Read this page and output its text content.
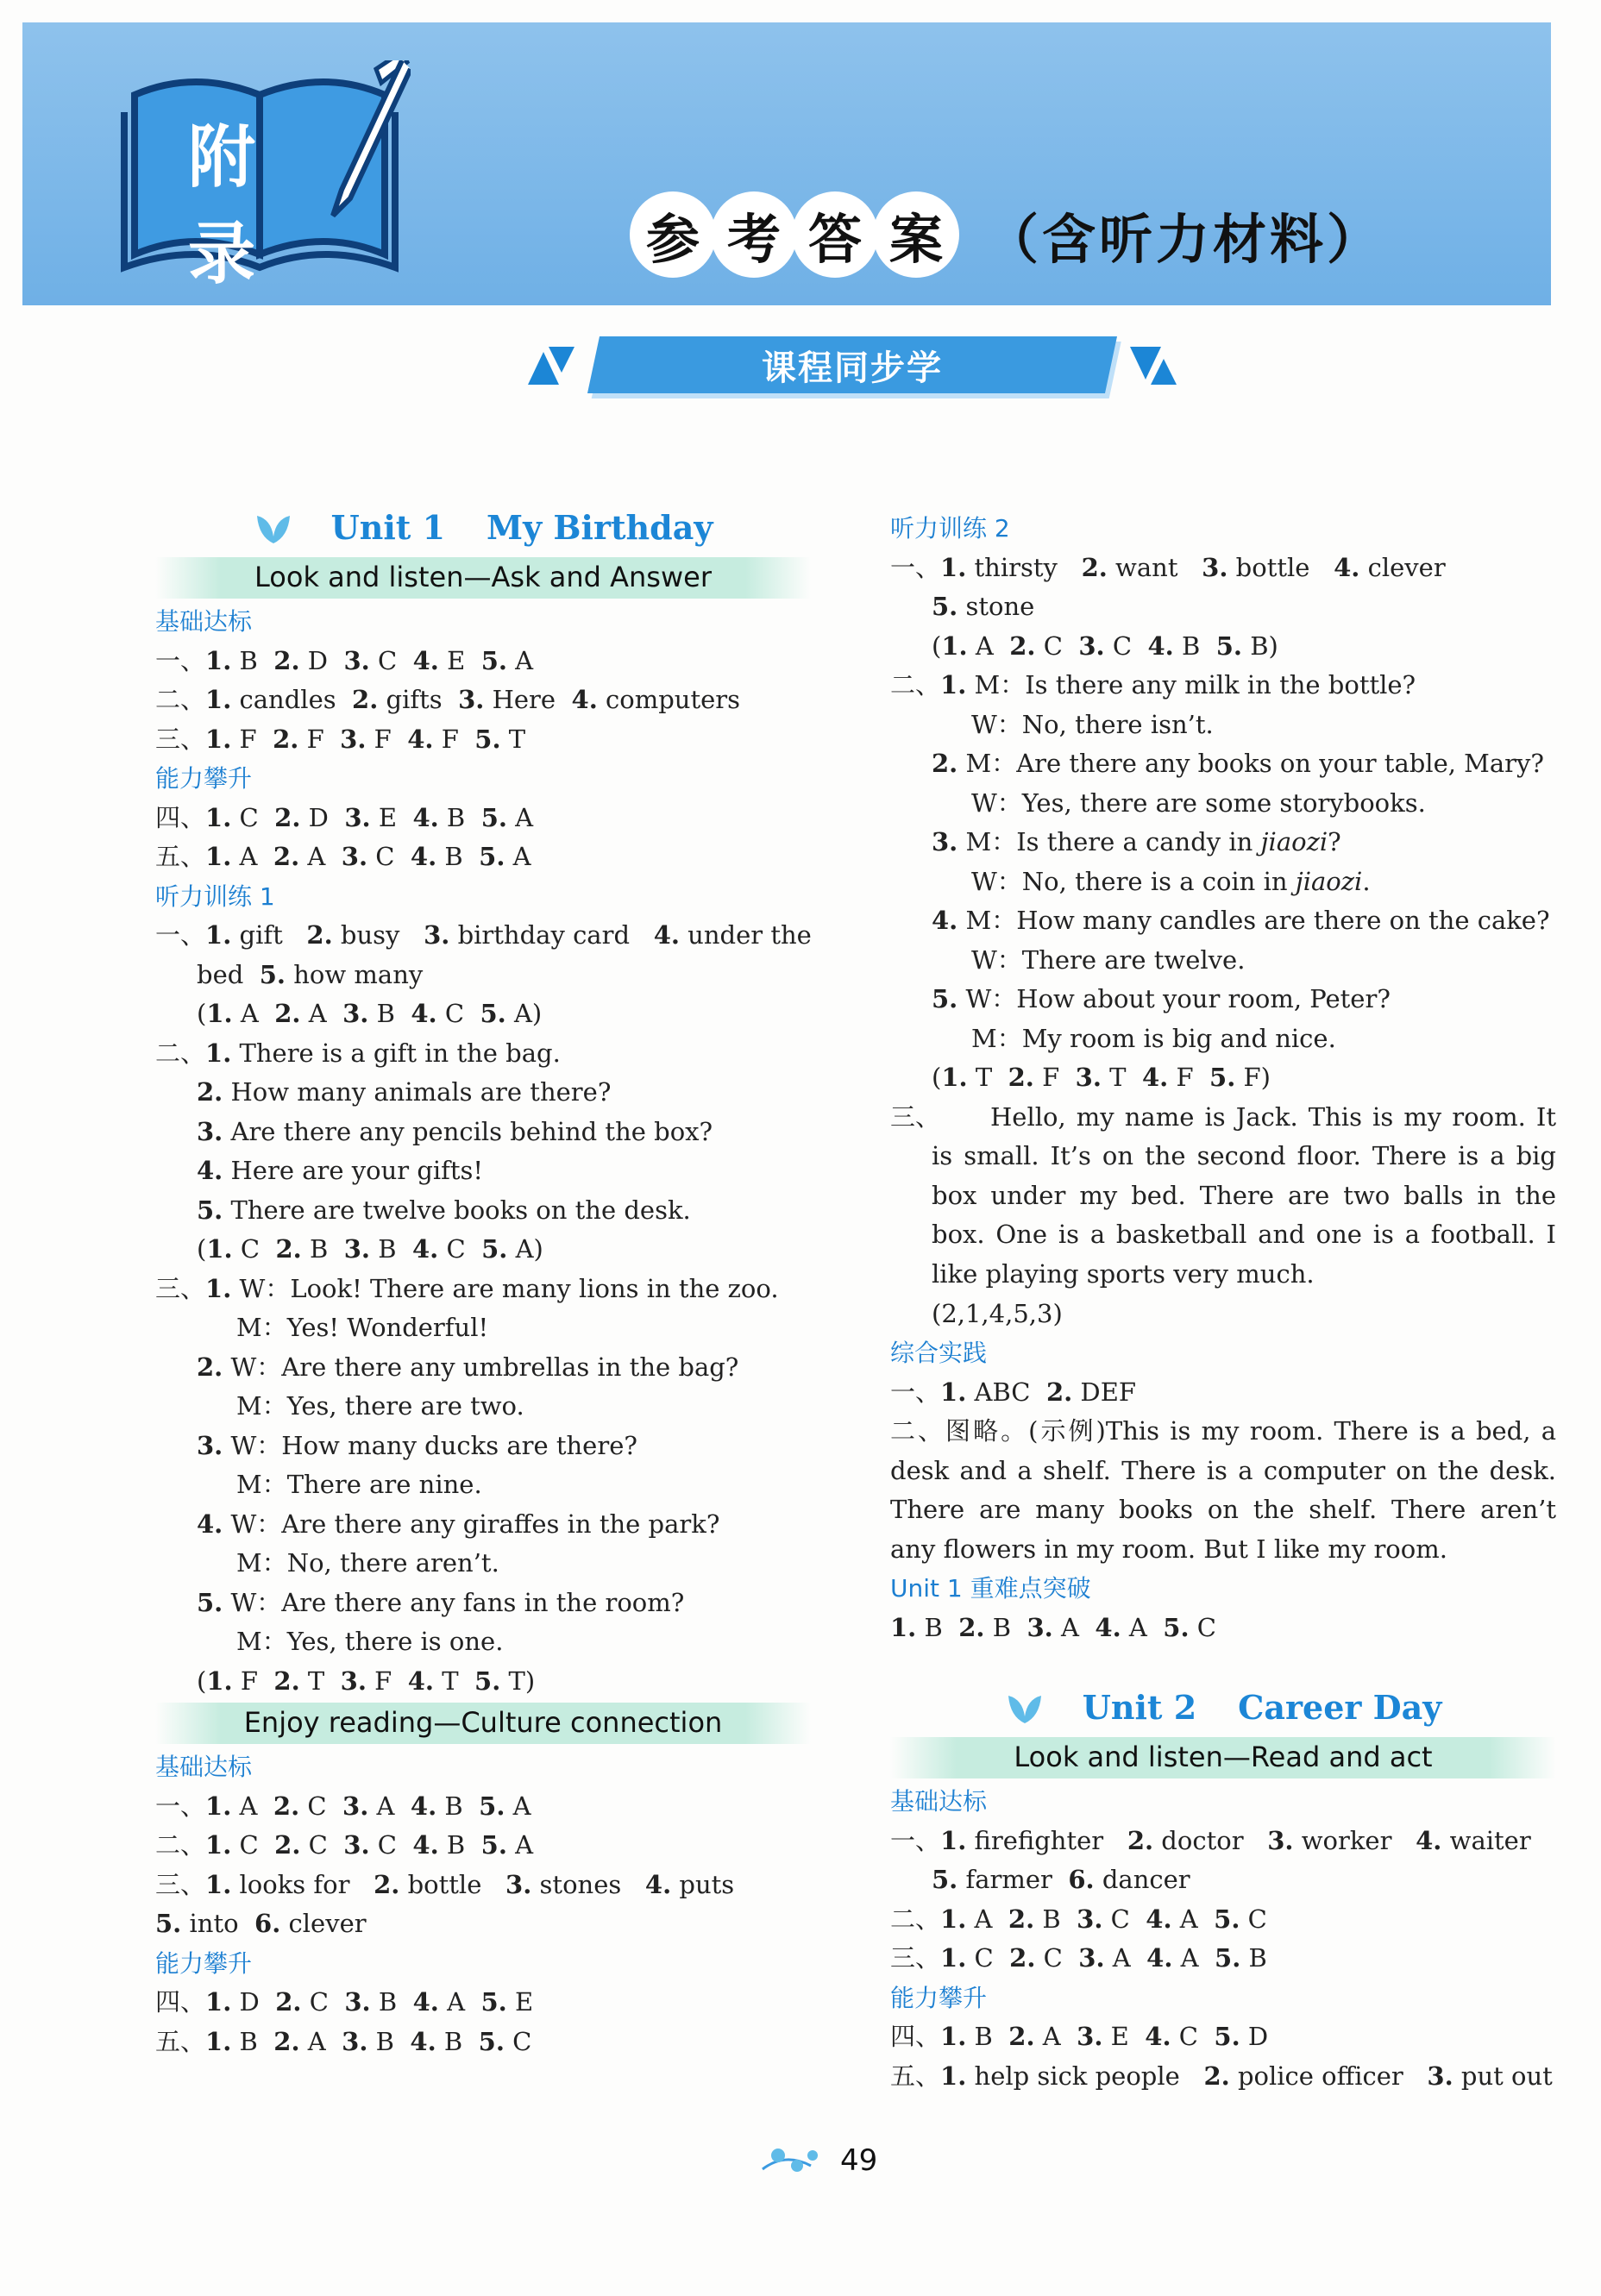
附 录	参 考 答 案 （含听力材料）
课程同步学
Unit 1 My Birthday
Look and listen—Ask and Answer
基础达标
一、1. B  2. D  3. C  4. E  5. A
二、1. candles  2. gifts  3. Here  4. computers
三、1. F  2. F  3. F  4. F  5. T
能力攀升
四、1. C  2. D  3. E  4. B  5. A
五、1. A  2. A  3. C  4. B  5. A
听力训练 1
一、1. gift   2. busy   3. birthday card   4. under the
bed  5. how many
(1. A  2. A  3. B  4. C  5. A)
二、1. There is a gift in the bag.
2. How many animals are there?
3. Are there any pencils behind the box?
4. Here are your gifts!
5. There are twelve books on the desk.
(1. C  2. B  3. B  4. C  5. A)
三、1. W：Look! There are many lions in the zoo.
M：Yes! Wonderful!
2. W：Are there any umbrellas in the bag?
M：Yes, there are two.
3. W：How many ducks are there?
M：There are nine.
4. W：Are there any giraffes in the park?
M：No, there aren’t.
5. W：Are there any fans in the room?
M：Yes, there is one.
(1. F  2. T  3. F  4. T  5. T)
Enjoy reading—Culture connection
基础达标
一、1. A  2. C  3. A  4. B  5. A
二、1. C  2. C  3. C  4. B  5. A
三、1. looks for   2. bottle   3. stones   4. puts
5. into  6. clever
能力攀升
四、1. D  2. C  3. B  4. A  5. E
五、1. B  2. A  3. B  4. B  5. C
听力训练 2
一、1. thirsty   2. want   3. bottle   4. clever
5. stone
(1. A  2. C  3. C  4. B  5. B)
二、1. M：Is there any milk in the bottle?
W：No, there isn’t.
2. M：Are there any books on your table, Mary?
W：Yes, there are some storybooks.
3. M：Is there a candy in jiaozi?
W：No, there is a coin in jiaozi.
4. M：How many candles are there on the cake?
W：There are twelve.
5. W：How about your room, Peter?
M：My room is big and nice.
(1. T  2. F  3. T  4. F  5. F)
三、	Hello, my name is Jack. This is my room. It is small. It’s on the second floor. There is a big box under my bed. There are two balls in the box. One is a basketball and one is a football. I like playing sports very much.
(2,1,4,5,3)
综合实践
一、1. ABC  2. DEF
二、图略。(示例)This is my room. There is a bed, a desk and a shelf. There is a computer on the desk. There are many books on the shelf. There aren’t any flowers in my room. But I like my room.
Unit 1 重难点突破
1. B  2. B  3. A  4. A  5. C
Unit 2 Career Day
Look and listen—Read and act
基础达标
一、1. firefighter   2. doctor   3. worker   4. waiter
5. farmer  6. dancer
二、1. A  2. B  3. C  4. A  5. C
三、1. C  2. C  3. A  4. A  5. B
能力攀升
四、1. B  2. A  3. E  4. C  5. D
五、1. help sick people   2. police officer   3. put out
49
